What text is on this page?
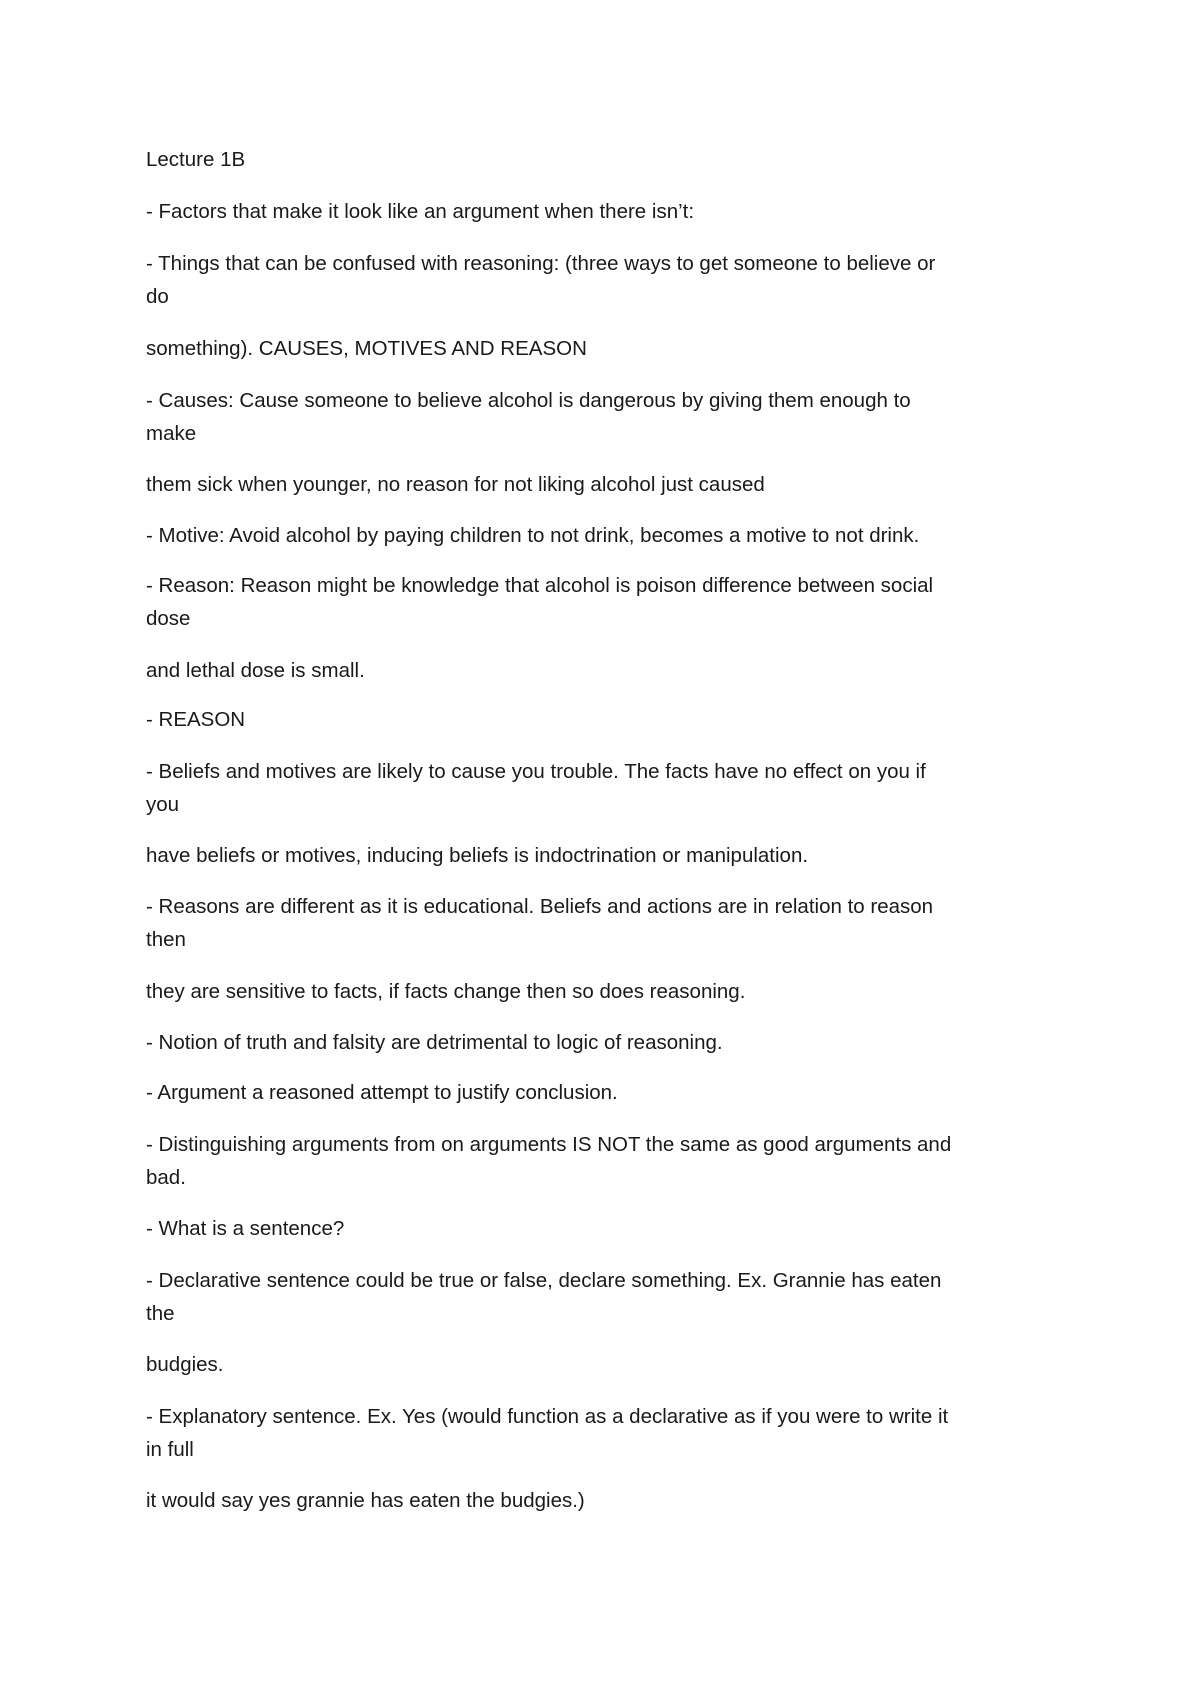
Lecture 1B

- Factors that make it look like an argument when there isn’t:

- Things that can be confused with reasoning: (three ways to get someone to believe or

do

something). CAUSES, MOTIVES AND REASON

- Causes: Cause someone to believe alcohol is dangerous by giving them enough to

make

them sick when younger, no reason for not liking alcohol just caused

- Motive: Avoid alcohol by paying children to not drink, becomes a motive to not drink.

- Reason: Reason might be knowledge that alcohol is poison difference between social

dose

and lethal dose is small.

- REASON

- Beliefs and motives are likely to cause you trouble. The facts have no effect on you if

you

have beliefs or motives, inducing beliefs is indoctrination or manipulation.

- Reasons are different as it is educational. Beliefs and actions are in relation to reason

then

they are sensitive to facts, if facts change then so does reasoning.

- Notion of truth and falsity are detrimental to logic of reasoning.

- Argument a reasoned attempt to justify conclusion.

- Distinguishing arguments from on arguments IS NOT the same as good arguments and

bad.

- What is a sentence?

- Declarative sentence could be true or false, declare something. Ex. Grannie has eaten

the

budgies.

- Explanatory sentence. Ex. Yes (would function as a declarative as if you were to write it

in full

it would say yes grannie has eaten the budgies.)
